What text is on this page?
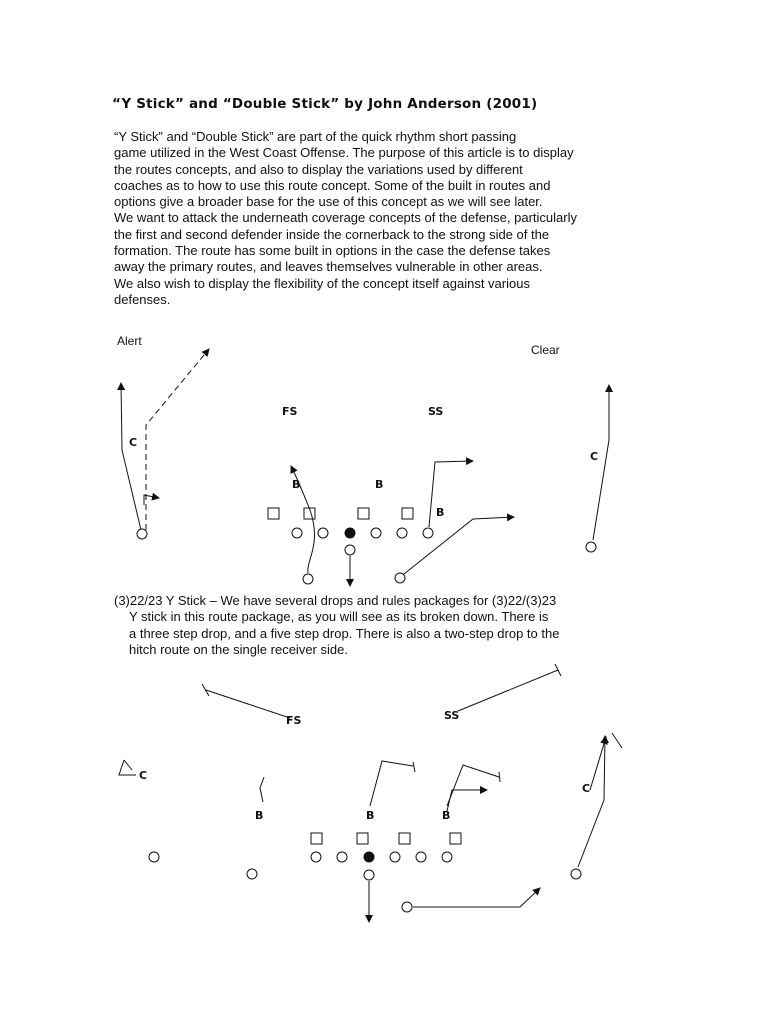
“Y Stick” and “Double Stick” by John Anderson (2001)
“Y Stick” and “Double Stick” are part of the quick rhythm short passing
game utilized in the West Coast Offense. The purpose of this article is to display
the routes concepts, and also to display the variations used by different
coaches as to how to use this route concept. Some of the built in routes and
options give a broader base for the use of this concept as we will see later.
We want to attack the underneath coverage concepts of the defense, particularly
the first and second defender inside the cornerback to the strong side of the
formation. The route has some built in options in the case the defense takes
away the primary routes, and leaves themselves vulnerable in other areas.
We also wish to display the flexibility of the concept itself against various
defenses.
Alert
Clear
FS	SS
C
C
B	B
B
(3)22/23 Y Stick – We have several drops and rules packages for (3)22/(3)23
Y stick in this route package, as you will see as its broken down. There is
a three step drop, and a five step drop. There is also a two-step drop to the
hitch route on the single receiver side.
FS	SS
C
B	B	B
C
